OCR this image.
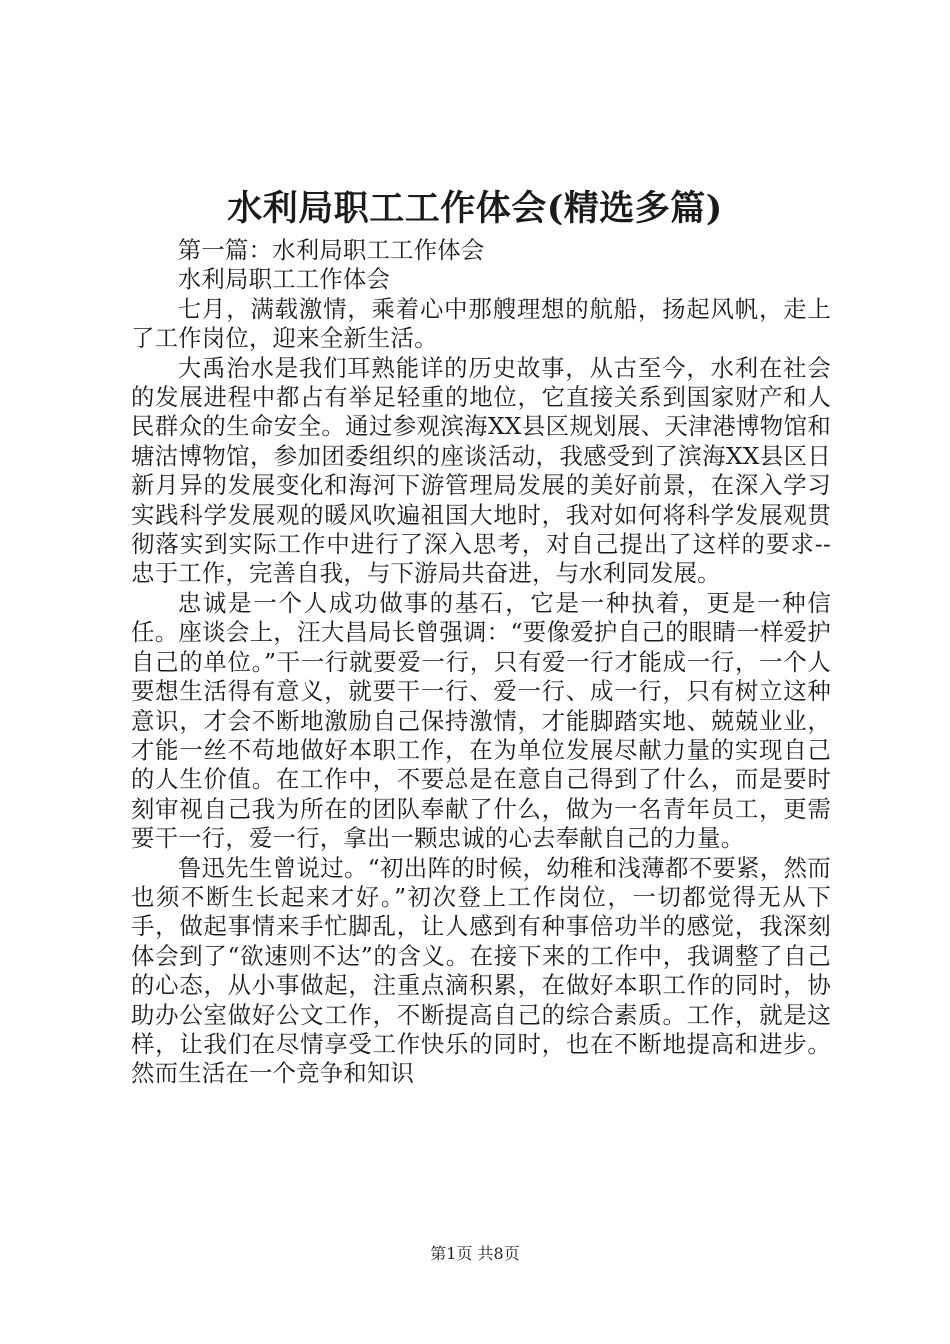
水利局职工工作体会(精选多篇)

第一篇：水利局职工工作体会

水利局职工工作体会

七月，满载激情，乘着心中那艘理想的航船，扬起风帆，走上了工作岗位，迎来全新生活。

大禹治水是我们耳熟能详的历史故事，从古至今，水利在社会的发展进程中都占有举足轻重的地位，它直接关系到国家财产和人民群众的生命安全。通过参观滨海XX县区规划展、天津港博物馆和塘沽博物馆，参加团委组织的座谈活动，我感受到了滨海XX县区日新月异的发展变化和海河下游管理局发展的美好前景，在深入学习实践科学发展观的暖风吹遍祖国大地时，我对如何将科学发展观贯彻落实到实际工作中进行了深入思考，对自己提出了这样的要求--忠于工作，完善自我，与下游局共奋进，与水利同发展。

忠诚是一个人成功做事的基石，它是一种执着，更是一种信任。座谈会上，汪大昌局长曾强调：“要像爱护自己的眼睛一样爱护自己的单位。”干一行就要爱一行，只有爱一行才能成一行，一个人要想生活得有意义，就要干一行、爱一行、成一行，只有树立这种意识，才会不断地激励自己保持激情，才能脚踏实地、兢兢业业，才能一丝不苟地做好本职工作，在为单位发展尽献力量的实现自己的人生价值。在工作中，不要总是在意自己得到了什么，而是要时刻审视自己我为所在的团队奉献了什么，做为一名青年员工，更需要干一行，爱一行，拿出一颗忠诚的心去奉献自己的力量。

鲁迅先生曾说过。“初出阵的时候，幼稚和浅薄都不要紧，然而也须不断生长起来才好。”初次登上工作岗位，一切都觉得无从下手，做起事情来手忙脚乱，让人感到有种事倍功半的感觉，我深刻体会到了“欲速则不达”的含义。在接下来的工作中，我调整了自己的心态，从小事做起，注重点滴积累，在做好本职工作的同时，协助办公室做好公文工作，不断提高自己的综合素质。工作，就是这样，让我们在尽情享受工作快乐的同时，也在不断地提高和进步。然而生活在一个竞争和知识

第1页 共8页
